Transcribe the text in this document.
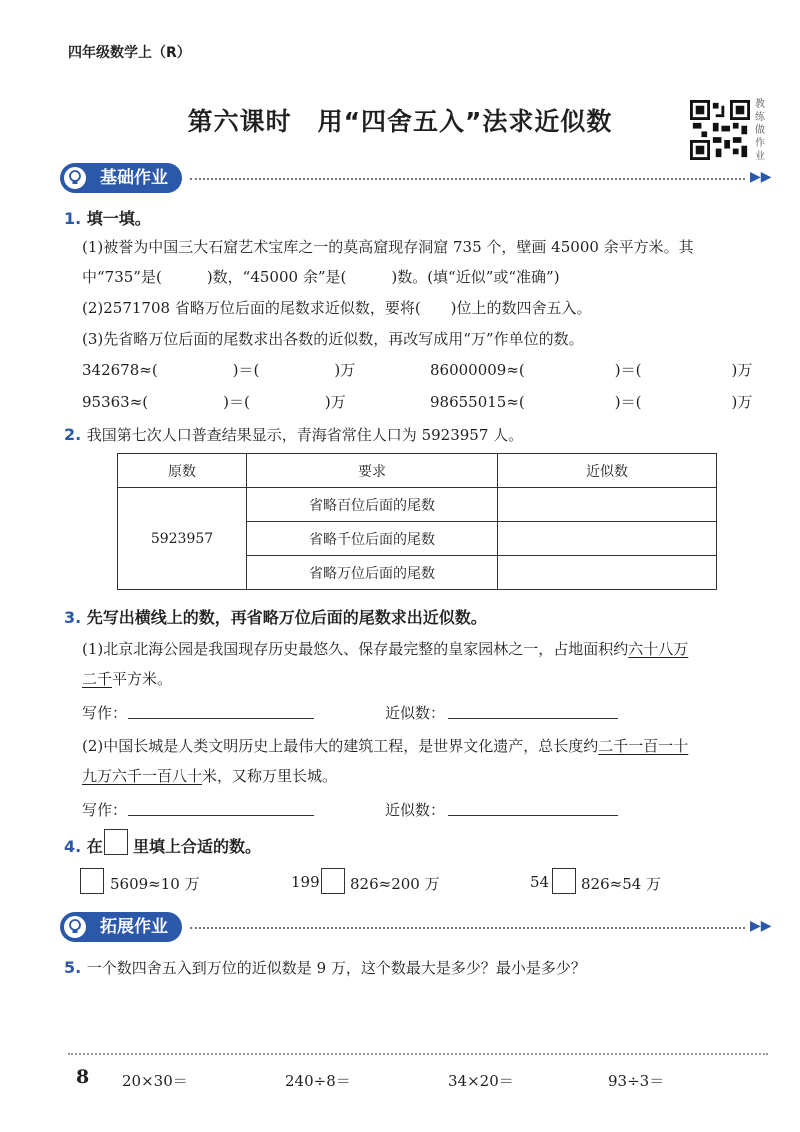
四年级数学上（R）
第六课时　用“四舍五入”法求近似数
教练做作业
基础作业	▶▶
1. 填一填。
(1)被誉为中国三大石窟艺术宝库之一的莫高窟现存洞窟 735 个，壁画 45000 余平方米。其
中“735”是(　　　)数，“45000 余”是(　　　)数。(填“近似”或“准确”)
(2)2571708 省略万位后面的尾数求近似数，要将(　　)位上的数四舍五入。
(3)先省略万位后面的尾数求出各数的近似数，再改写成用“万”作单位的数。
342678≈(　　　　　)＝(　　　　　)万	86000009≈(　　　　　　)＝(　　　　　　)万
95363≈(　　　　　)＝(　　　　　)万	98655015≈(　　　　　　)＝(　　　　　　)万
2. 我国第七次人口普查结果显示，青海省常住人口为 5923957 人。
原数	要求	近似数
5923957	省略百位后面的尾数	
	省略千位后面的尾数	
	省略万位后面的尾数	
3. 先写出横线上的数，再省略万位后面的尾数求出近似数。
(1)北京北海公园是我国现存历史最悠久、保存最完整的皇家园林之一，占地面积约六十八万
二千平方米。
写作：	近似数：
(2)中国长城是人类文明历史上最伟大的建筑工程，是世界文化遗产，总长度约二千一百一十
九万六千一百八十米，又称万里长城。
写作：	近似数：
4. 在 里填上合适的数。
5609≈10 万	199 826≈200 万	54 826≈54 万
拓展作业	▶▶
5. 一个数四舍五入到万位的近似数是 9 万，这个数最大是多少？最小是多少？
8 20×30＝	240÷8＝	34×20＝	93÷3＝
